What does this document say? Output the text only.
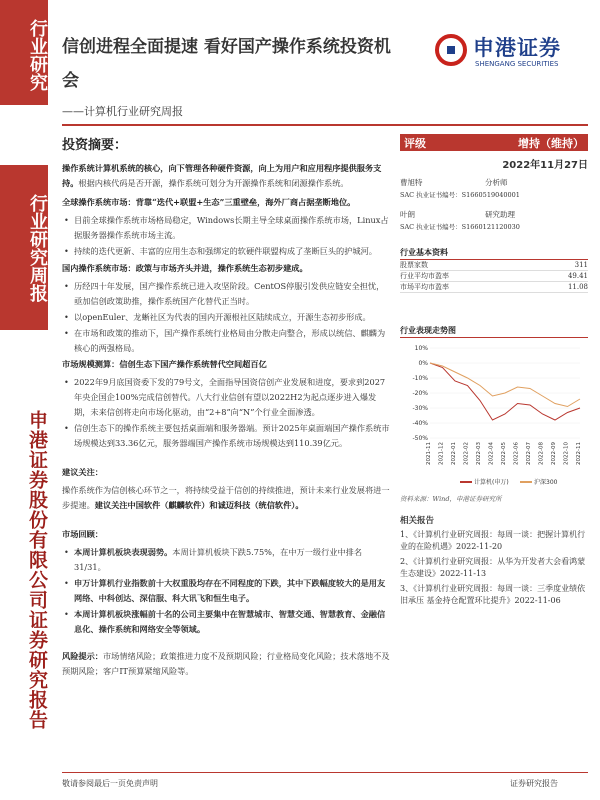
行业研究
行业研究周报
申港证券股份有限公司证券研究报告
信创进程全面提速 看好国产操作系统投资机会
——计算机行业研究周报
申港证券
SHENGANG SECURITIES
投资摘要：
操作系统计算机系统的核心，向下管理各种硬件资源，向上为用户和应用程序提供服务支持。根据内核代码是否开源，操作系统可划分为开源操作系统和闭源操作系统。
全球操作系统市场：背靠“迭代+联盟+生态”三重壁垒，海外厂商占据垄断地位。
• 目前全球操作系统市场格局稳定，Windows长期主导全球桌面操作系统市场，Linux占据服务器操作系统市场主流。
• 持续的迭代更新、丰富的应用生态和强绑定的软硬件联盟构成了垄断巨头的护城河。
国内操作系统市场：政策与市场齐头并进，操作系统生态初步建成。
• 历经四十年发展，国产操作系统已进入攻坚阶段。CentOS停服引发供应链安全担忧，亟加信创政策助推，操作系统国产化替代正当时。
• 以openEuler、龙蜥社区为代表的国内开源根社区陆续成立，开源生态初步形成。
• 在市场和政策的推动下，国产操作系统行业格局由分散走向整合，形成以统信、麒麟为核心的两强格局。
市场规模测算：信创生态下国产操作系统替代空间超百亿
• 2022年9月底国资委下发的79号文，全面指导国资信创产业发展和进度，要求到2027年央企国企100%完成信创替代。八大行业信创有望以2022H2为起点逐步进入爆发期，未来信创将走向市场化驱动，由“2+8”向“N”个行业全面渗透。
• 信创生态下的操作系统主要包括桌面端和服务器端。预计2025年桌面端国产操作系统市场规模达到33.36亿元，服务器端国产操作系统市场规模达到110.39亿元。
建议关注：
操作系统作为信创核心环节之一，将持续受益于信创的持续推进，预计未来行业发展将进一步提速。建议关注中国软件（麒麟软件）和诚迈科技（统信软件）。
市场回顾：
• 本周计算机板块表现弱势。本周计算机板块下跌5.75%，在中万一级行业中排名31/31。
• 申万计算机行业指数前十大权重股均存在不同程度的下跌，其中下跌幅度较大的是用友网络、中科创达、深信服、科大讯飞和恒生电子。
• 本周计算机板块涨幅前十名的公司主要集中在智慧城市、智慧交通、智慧教育、金融信息化、操作系统和网络安全等领域。
风险提示：市场情绪风险；政策推进力度不及预期风险；行业格局变化风险；技术落地不及预期风险；客户IT预算紧缩风险等。
评级	增持（维持）
2022年11月27日
曹旭特	分析师
SAC 执业证书编号：S1660519040001
叶朗	研究助理
SAC 执业证书编号：S1660121120030
行业基本资料
股票家数	311
行业平均市盈率	49.41
市场平均市盈率	11.08
行业表现走势图
10%
0%
-10%
-20%
-30%
-40%
-50%
2021-11 2021-12 2022-01 2022-02 2022-03 2022-04 2022-05 2022-06 2022-07 2022-08 2022-09 2022-10 2022-11
计算机(申万)	沪深300
资料来源：Wind，申港证券研究所
相关报告
1、《计算机行业研究周报：每周一谈：把握计算机行业的在险机遇》2022-11-20
2、《计算机行业研究周报：从华为开发者大会看鸿蒙生态建设》2022-11-13
3、《计算机行业研究周报：每周一谈：三季度业绩依旧承压 基金持仓配置环比提升》2022-11-06
敬请参阅最后一页免责声明	证券研究报告
